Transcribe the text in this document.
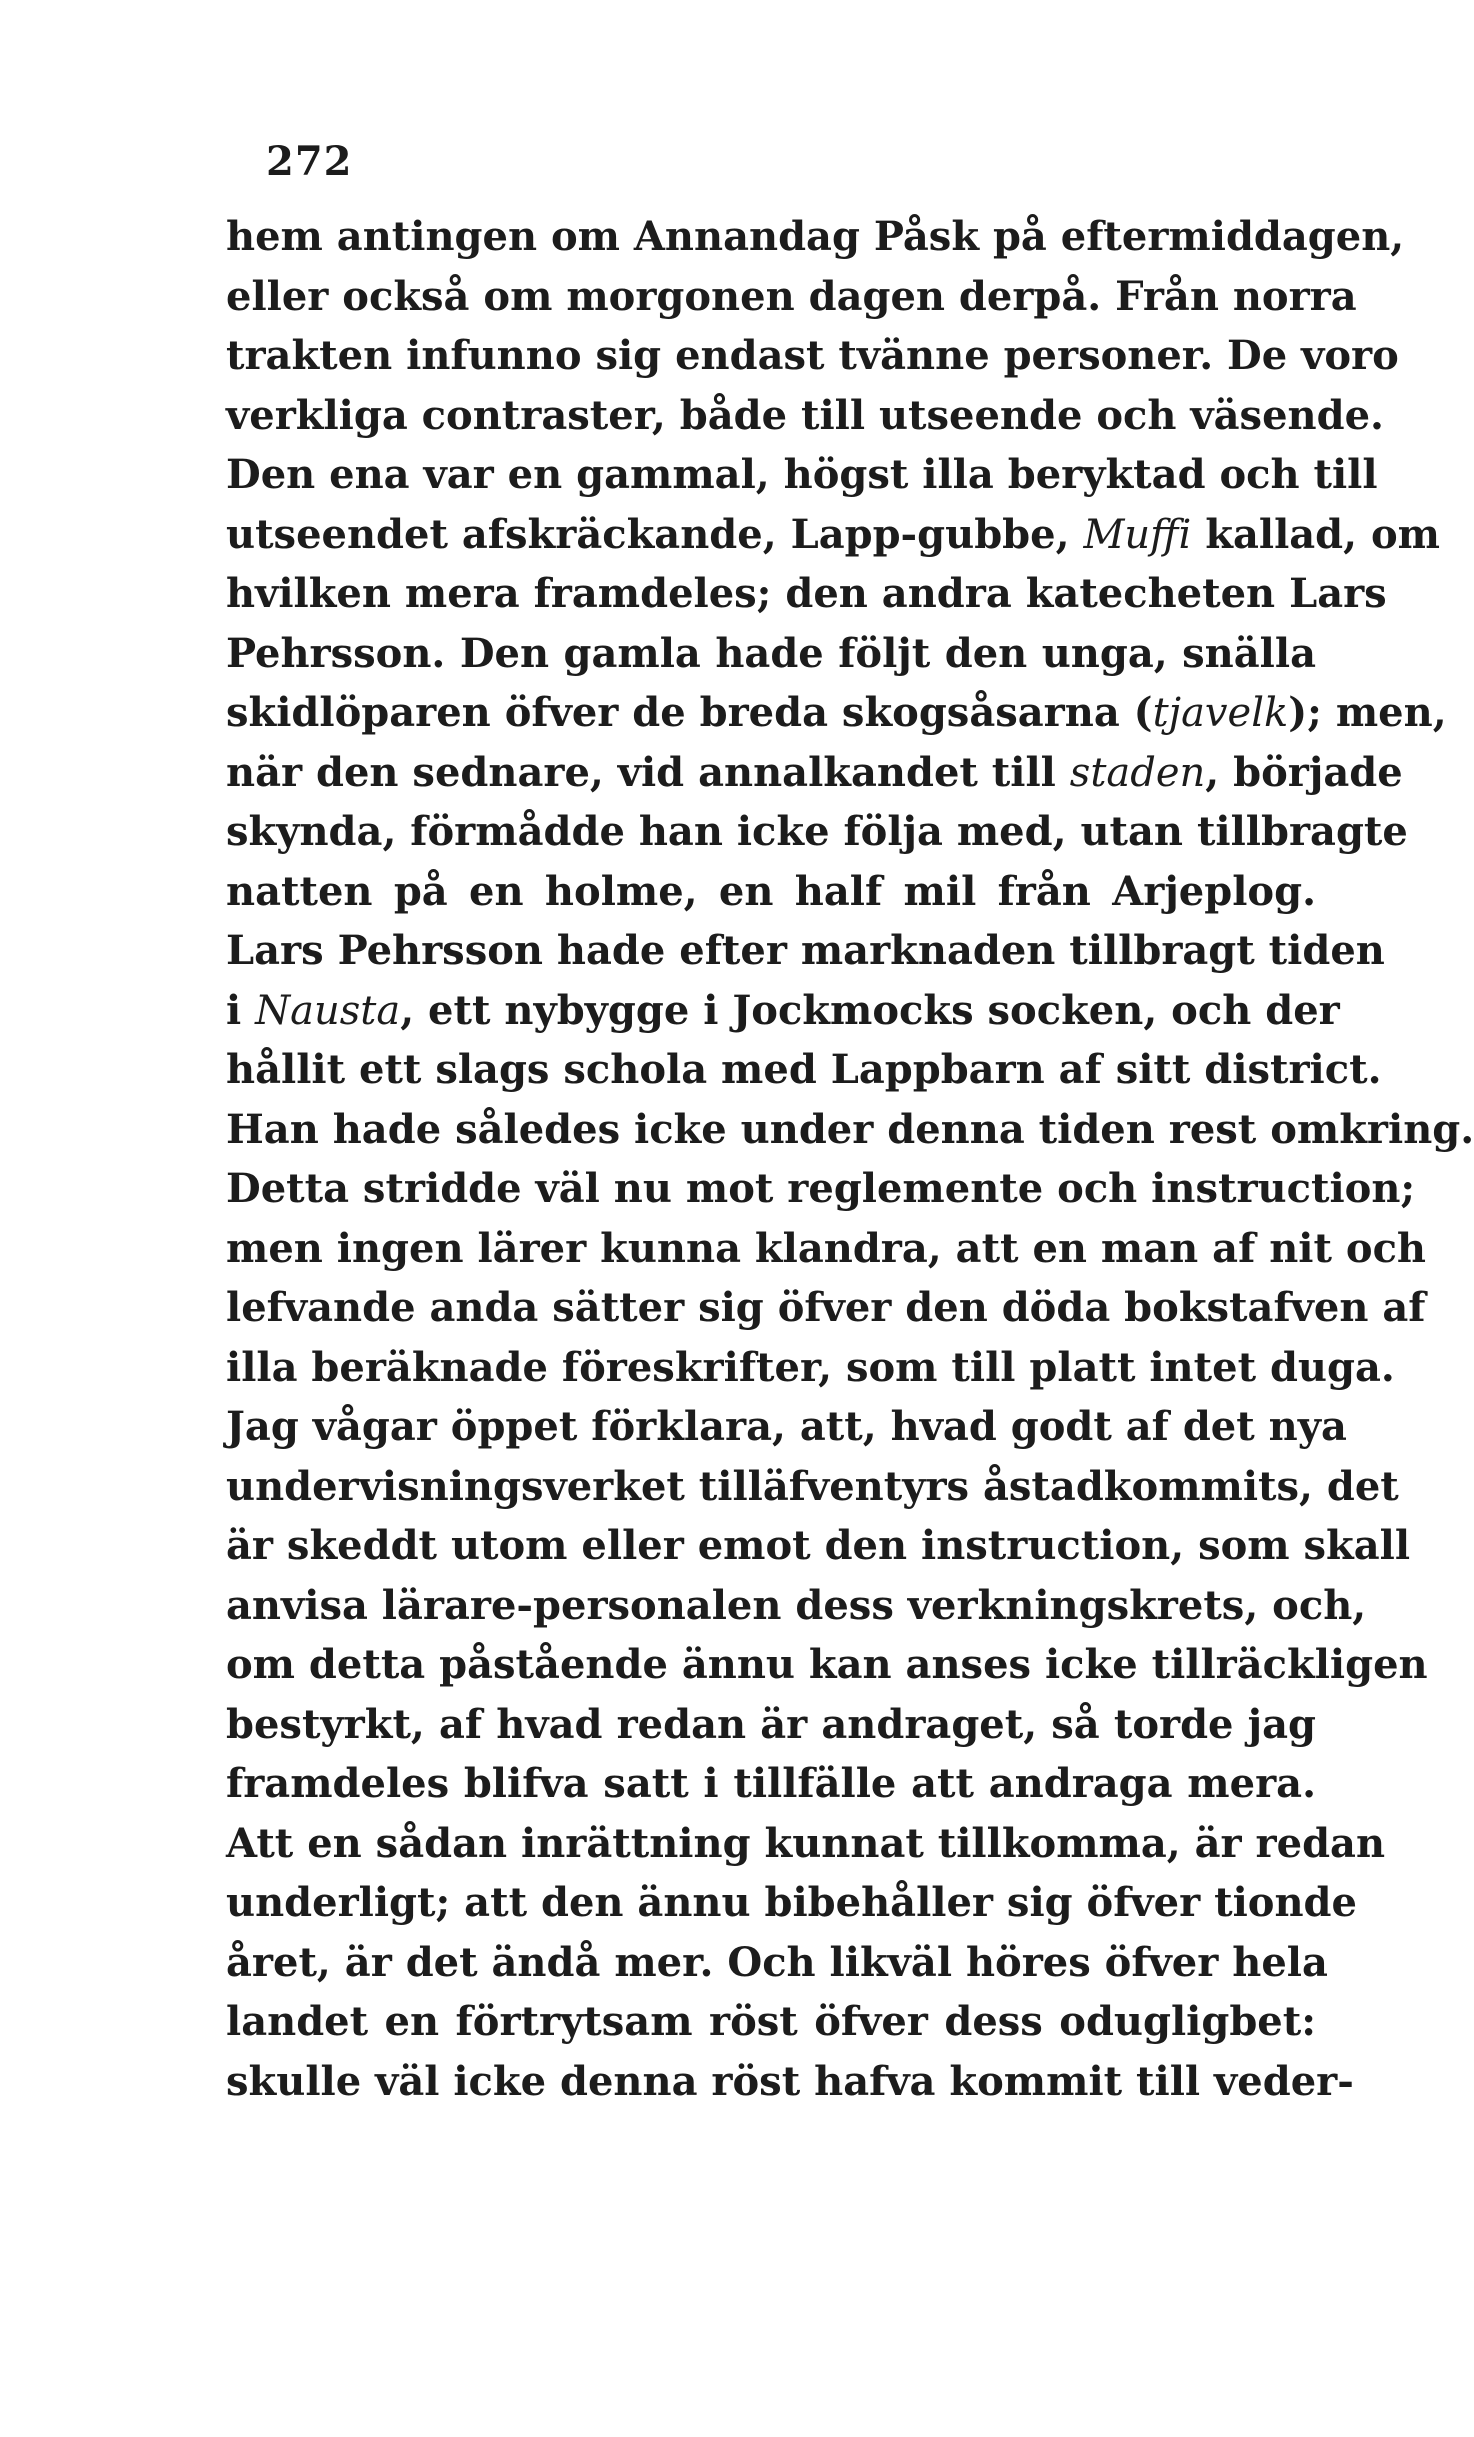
272
hem antingen om Annandag Påsk på eftermiddagen,
eller också om morgonen dagen derpå. Från norra
trakten infunno sig endast tvänne personer. De voro
verkliga contraster, både till utseende och väsende.
Den ena var en gammal, högst illa beryktad och till
utseendet afskräckande, Lapp-gubbe, Muffi kallad, om
hvilken mera framdeles; den andra katecheten Lars
Pehrsson. Den gamla hade följt den unga, snälla
skidlöparen öfver de breda skogsåsarna (tjavelk); men,
när den sednare, vid annalkandet till staden, började
skynda, förmådde han icke följa med, utan tillbragte
natten på en holme, en half mil från Arjeplog.
Lars Pehrsson hade efter marknaden tillbragt tiden
i Nausta, ett nybygge i Jockmocks socken, och der
hållit ett slags schola med Lappbarn af sitt district.
Han hade således icke under denna tiden rest omkring.
Detta stridde väl nu mot reglemente och instruction;
men ingen lärer kunna klandra, att en man af nit och
lefvande anda sätter sig öfver den döda bokstafven af
illa beräknade föreskrifter, som till platt intet duga.
Jag vågar öppet förklara, att, hvad godt af det nya
undervisningsverket tilläfventyrs åstadkommits, det
är skeddt utom eller emot den instruction, som skall
anvisa lärare-personalen dess verkningskrets, och,
om detta påstående ännu kan anses icke tillräckligen
bestyrkt, af hvad redan är andraget, så torde jag
framdeles blifva satt i tillfälle att andraga mera.
Att en sådan inrättning kunnat tillkomma, är redan
underligt; att den ännu bibehåller sig öfver tionde
året, är det ändå mer. Och likväl höres öfver hela
landet en förtrytsam röst öfver dess odugligbet:
skulle väl icke denna röst hafva kommit till veder-
